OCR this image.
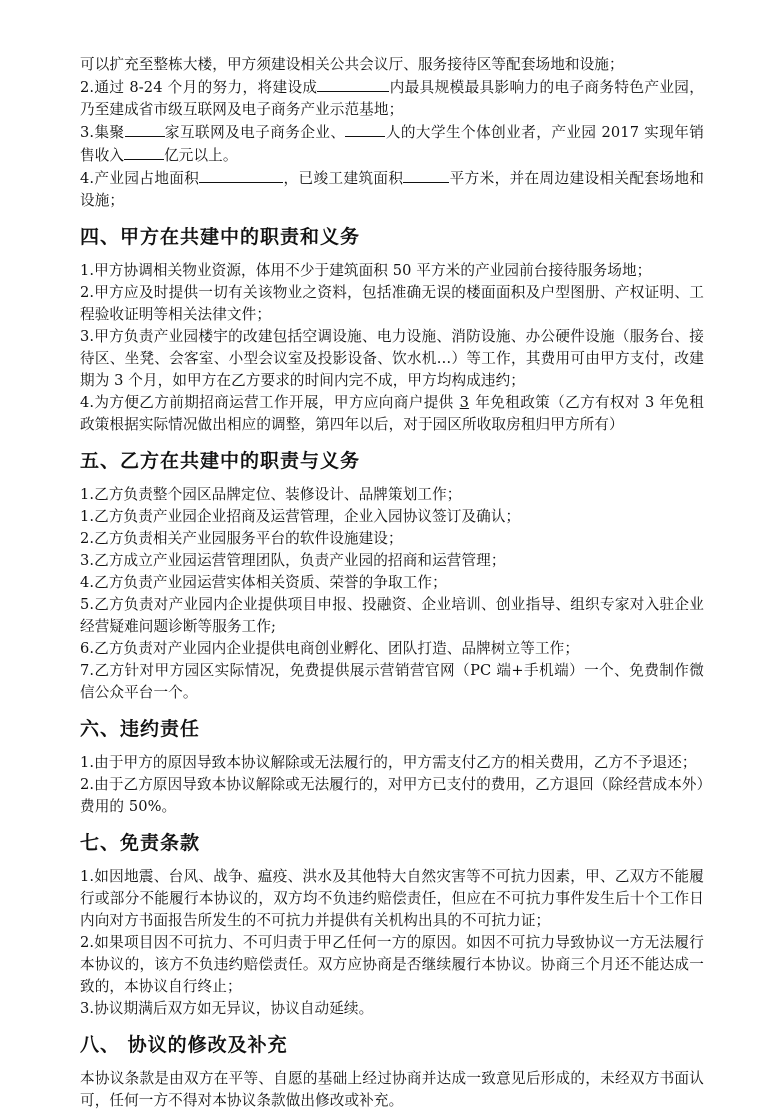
可以扩充至整栋大楼，甲方须建设相关公共会议厅、服务接待区等配套场地和设施；

2.通过 8-24 个月的努力，将建设成	内最具规模最具影响力的电子商务特色产业园，乃至建成省市级互联网及电子商务产业示范基地；

3.集聚	家互联网及电子商务企业、	人的大学生个体创业者，产业园 2017 实现年销售收入	亿元以上。

4.产业园占地面积	，已竣工建筑面积	平方米，并在周边建设相关配套场地和设施；

四、甲方在共建中的职责和义务

1.甲方协调相关物业资源，体用不少于建筑面积 50 平方米的产业园前台接待服务场地；

2.甲方应及时提供一切有关该物业之资料，包括准确无误的楼面面积及户型图册、产权证明、工程验收证明等相关法律文件；

3.甲方负责产业园楼宇的改建包括空调设施、电力设施、消防设施、办公硬件设施（服务台、接待区、坐凳、会客室、小型会议室及投影设备、饮水机…）等工作，其费用可由甲方支付，改建期为 3 个月，如甲方在乙方要求的时间内完不成，甲方均构成违约；

4.为方便乙方前期招商运营工作开展，甲方应向商户提供 3 年免租政策（乙方有权对 3 年免租政策根据实际情况做出相应的调整，第四年以后，对于园区所收取房租归甲方所有）

五、乙方在共建中的职责与义务

1.乙方负责整个园区品牌定位、装修设计、品牌策划工作；

1.乙方负责产业园企业招商及运营管理，企业入园协议签订及确认；

2.乙方负责相关产业园服务平台的软件设施建设；

3.乙方成立产业园运营管理团队，负责产业园的招商和运营管理；

4.乙方负责产业园运营实体相关资质、荣誉的争取工作；

5.乙方负责对产业园内企业提供项目申报、投融资、企业培训、创业指导、组织专家对入驻企业经营疑难问题诊断等服务工作;

6.乙方负责对产业园内企业提供电商创业孵化、团队打造、品牌树立等工作；

7.乙方针对甲方园区实际情况，免费提供展示营销营官网（PC 端+手机端）一个、免费制作微信公众平台一个。

六、违约责任

1.由于甲方的原因导致本协议解除或无法履行的，甲方需支付乙方的相关费用，乙方不予退还；

2.由于乙方原因导致本协议解除或无法履行的，对甲方已支付的费用，乙方退回（除经营成本外）费用的 50%。

七、免责条款

1.如因地震、台风、战争、瘟疫、洪水及其他特大自然灾害等不可抗力因素，甲、乙双方不能履行或部分不能履行本协议的，双方均不负违约赔偿责任，但应在不可抗力事件发生后十个工作日内向对方书面报告所发生的不可抗力并提供有关机构出具的不可抗力证；

2.如果项目因不可抗力、不可归责于甲乙任何一方的原因。如因不可抗力导致协议一方无法履行本协议的，该方不负违约赔偿责任。双方应协商是否继续履行本协议。协商三个月还不能达成一致的，本协议自行终止；

3.协议期满后双方如无异议，协议自动延续。

八、 协议的修改及补充

本协议条款是由双方在平等、自愿的基础上经过协商并达成一致意见后形成的，未经双方书面认可，任何一方不得对本协议条款做出修改或补充。
